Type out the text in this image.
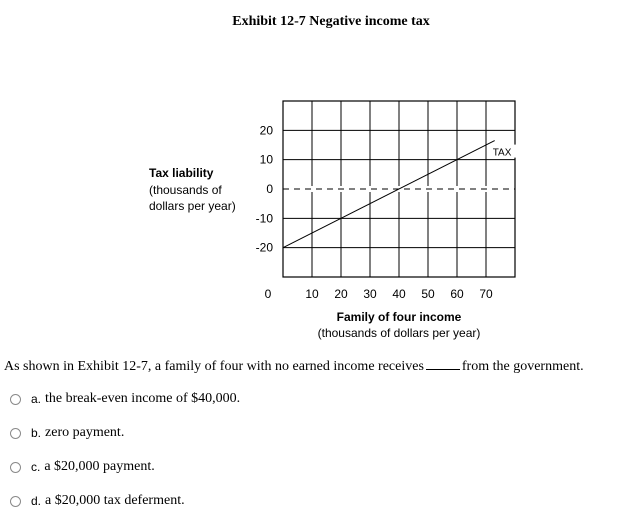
Exhibit 12-7 Negative income tax
TAX
20
10
0
-10
-20
0	10 20 30 40 50 60 70
Tax liability
(thousands of
dollars per year)
Family of four income
(thousands of dollars per year)
As shown in Exhibit 12-7, a family of four with no earned income receives	from the government.
a. the break-even income of $40,000.
b. zero payment.
c. a $20,000 payment.
d. a $20,000 tax deferment.
